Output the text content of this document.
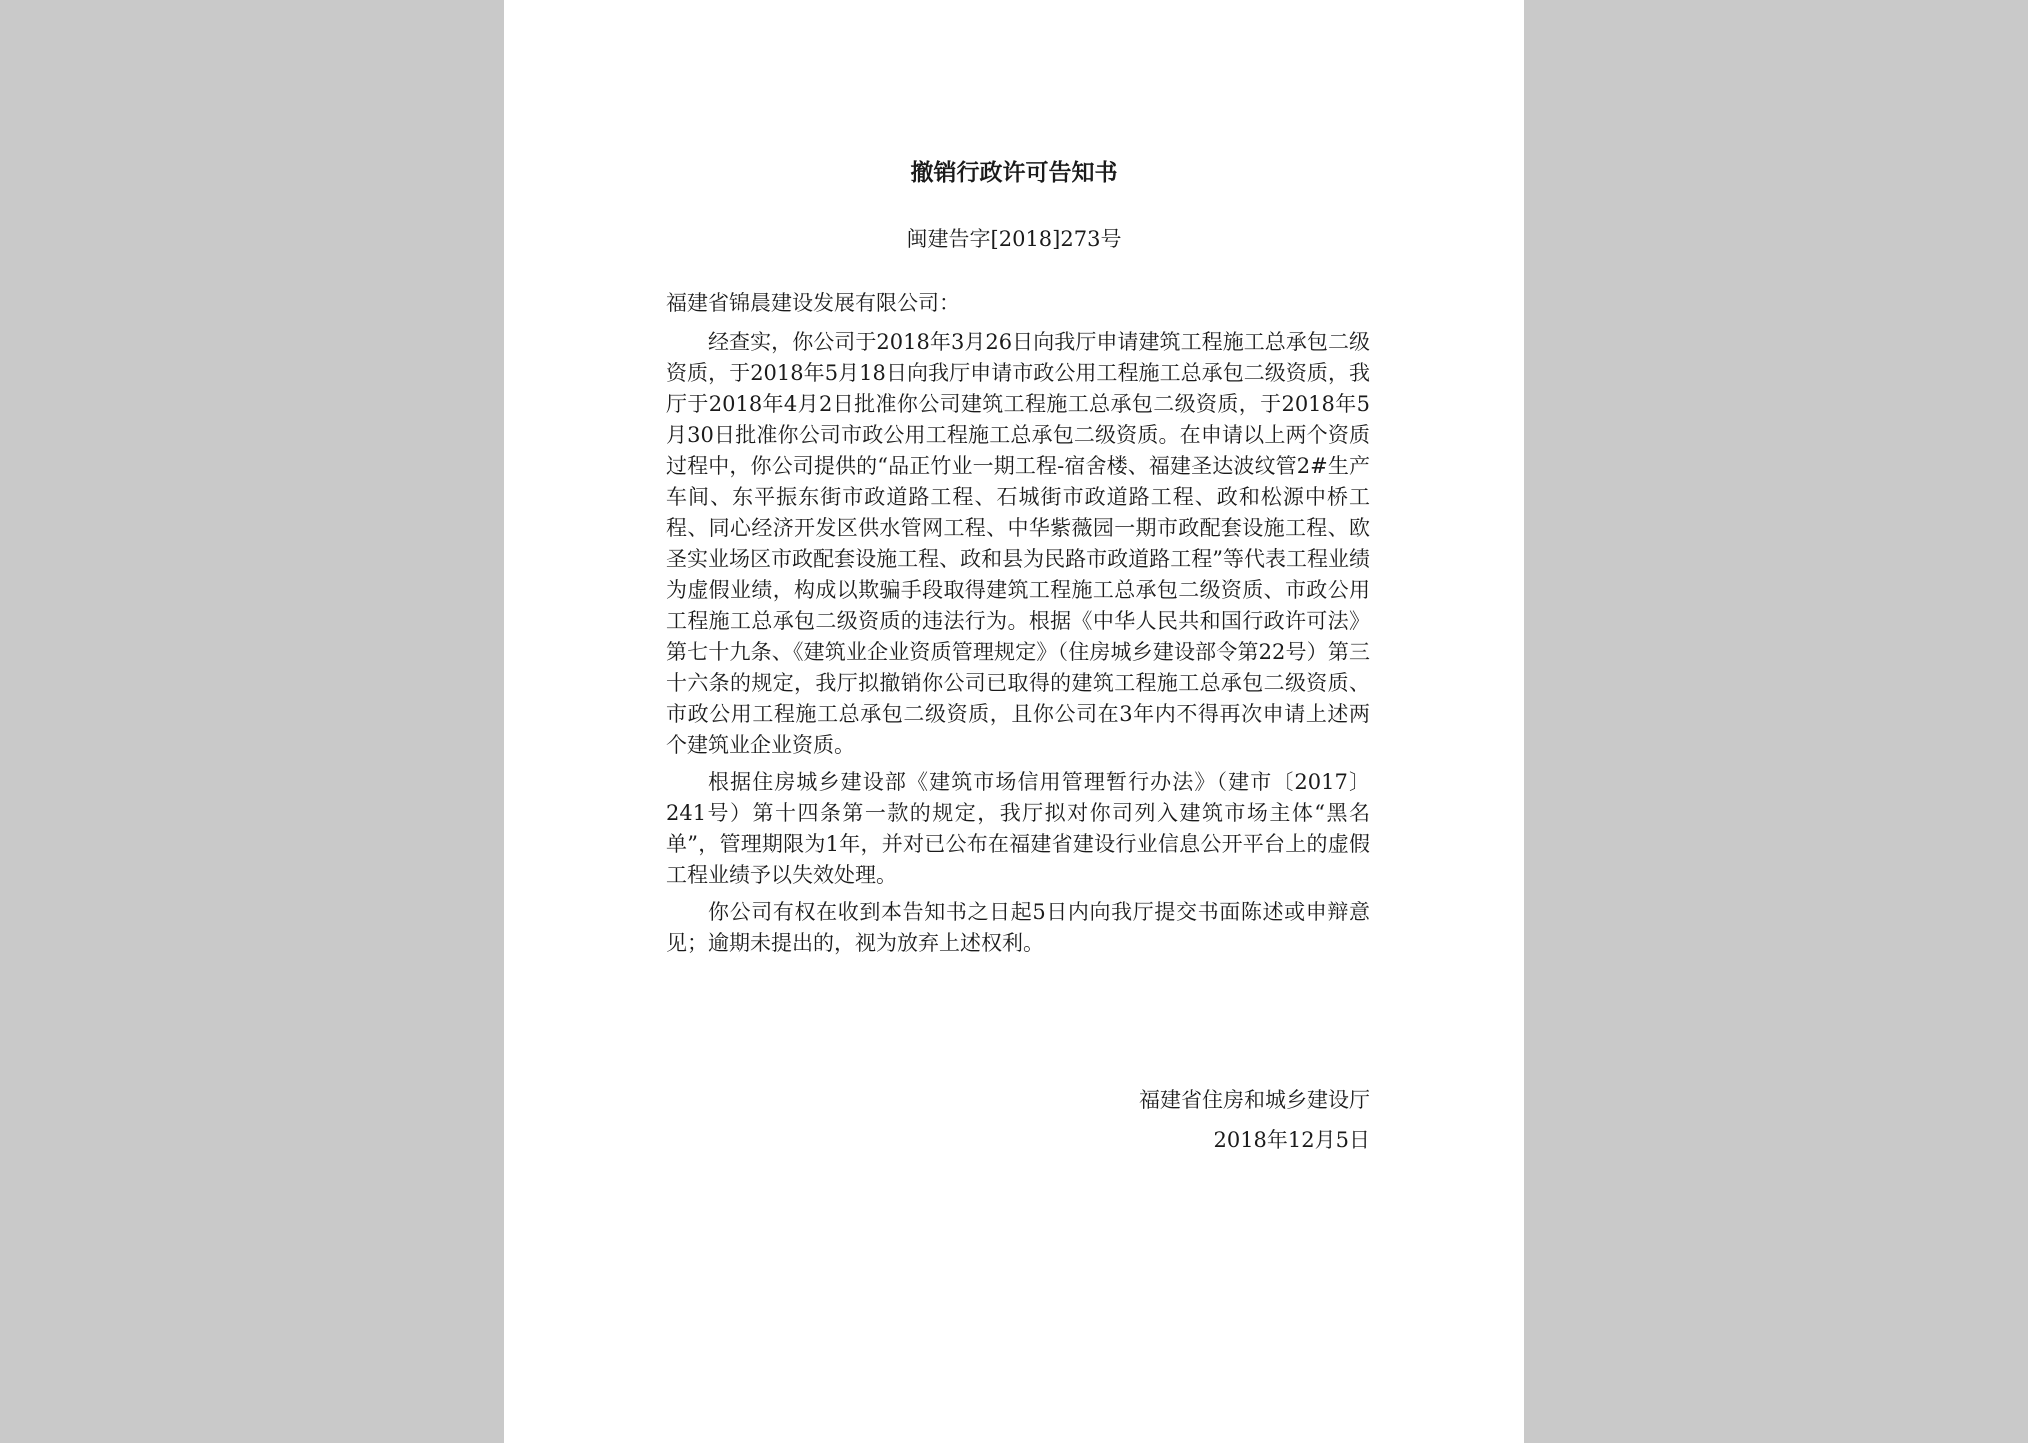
撤销行政许可告知书
闽建告字[2018]273号

福建省锦晨建设发展有限公司：

经查实，你公司于2018年3月26日向我厅申请建筑工程施工总承包二级资质，于2018年5月18日向我厅申请市政公用工程施工总承包二级资质，我厅于2018年4月2日批准你公司建筑工程施工总承包二级资质，于2018年5月30日批准你公司市政公用工程施工总承包二级资质。在申请以上两个资质过程中，你公司提供的“品正竹业一期工程-宿舍楼、福建圣达波纹管2#生产车间、东平振东街市政道路工程、石城街市政道路工程、政和松源中桥工程、同心经济开发区供水管网工程、中华紫薇园一期市政配套设施工程、欧圣实业场区市政配套设施工程、政和县为民路市政道路工程”等代表工程业绩为虚假业绩，构成以欺骗手段取得建筑工程施工总承包二级资质、市政公用工程施工总承包二级资质的违法行为。根据《中华人民共和国行政许可法》第七十九条、《建筑业企业资质管理规定》（住房城乡建设部令第22号）第三十六条的规定，我厅拟撤销你公司已取得的建筑工程施工总承包二级资质、市政公用工程施工总承包二级资质，且你公司在3年内不得再次申请上述两个建筑业企业资质。

根据住房城乡建设部《建筑市场信用管理暂行办法》（建市〔2017〕241号）第十四条第一款的规定，我厅拟对你司列入建筑市场主体“黑名单”，管理期限为1年，并对已公布在福建省建设行业信息公开平台上的虚假工程业绩予以失效处理。

你公司有权在收到本告知书之日起5日内向我厅提交书面陈述或申辩意见；逾期未提出的，视为放弃上述权利。

福建省住房和城乡建设厅
2018年12月5日
